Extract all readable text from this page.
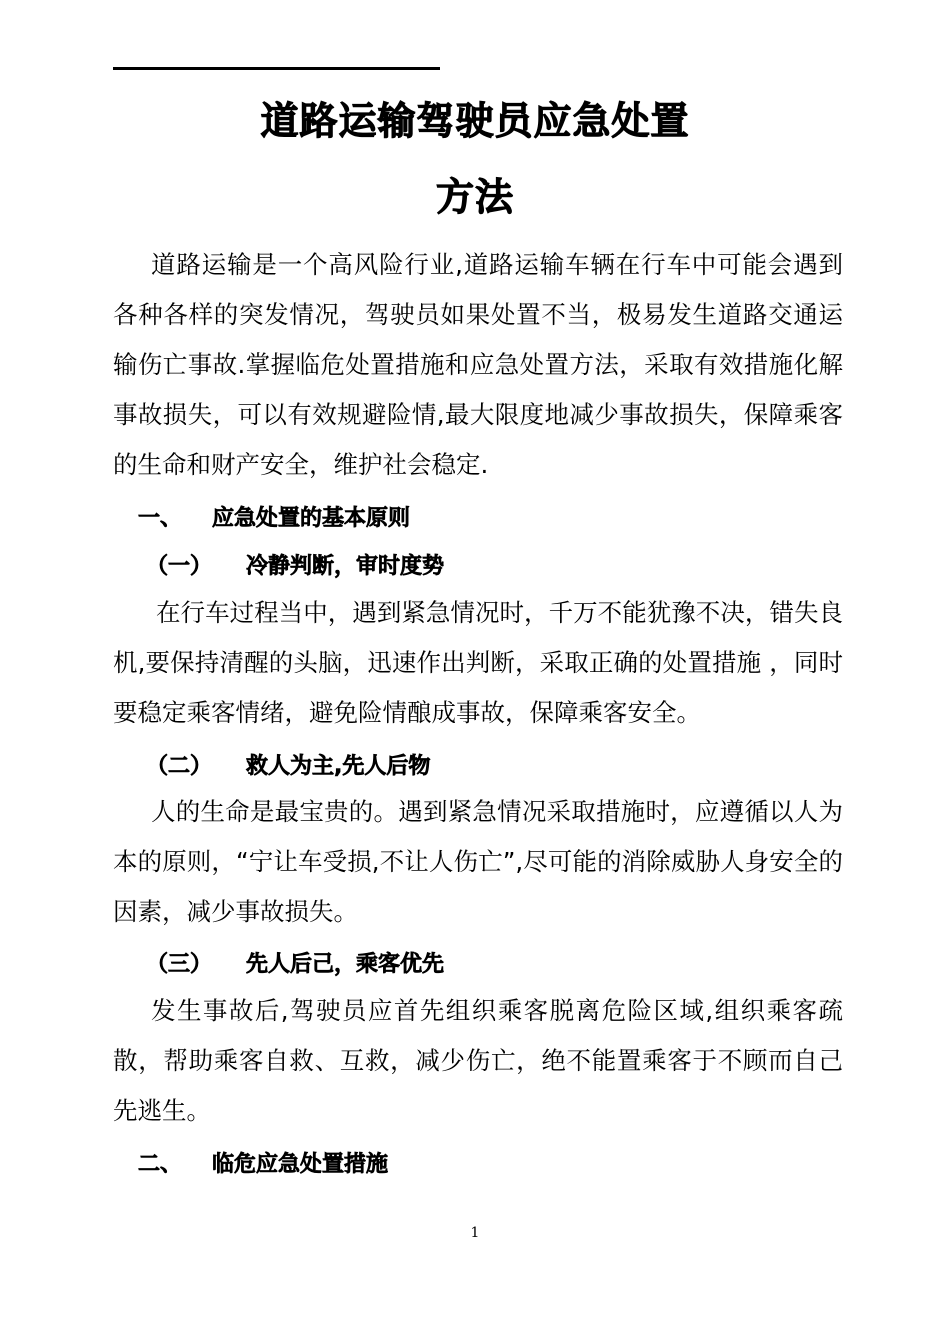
道路运输驾驶员应急处置
方法

道路运输是一个高风险行业,道路运输车辆在行车中可能会遇到各种各样的突发情况，驾驶员如果处置不当，极易发生道路交通运输伤亡事故.掌握临危处置措施和应急处置方法，采取有效措施化解事故损失，可以有效规避险情,最大限度地减少事故损失，保障乘客的生命和财产安全，维护社会稳定.

一、 应急处置的基本原则
（一） 冷静判断，审时度势

在行车过程当中，遇到紧急情况时，千万不能犹豫不决，错失良机,要保持清醒的头脑，迅速作出判断，采取正确的处置措施 ，同时要稳定乘客情绪，避免险情酿成事故，保障乘客安全。

（二） 救人为主,先人后物

人的生命是最宝贵的。遇到紧急情况采取措施时，应遵循以人为本的原则，“宁让车受损,不让人伤亡”,尽可能的消除威胁人身安全的因素，减少事故损失。

（三） 先人后己，乘客优先

发生事故后,驾驶员应首先组织乘客脱离危险区域,组织乘客疏散，帮助乘客自救、互救，减少伤亡，绝不能置乘客于不顾而自己先逃生。

二、 临危应急处置措施
1
